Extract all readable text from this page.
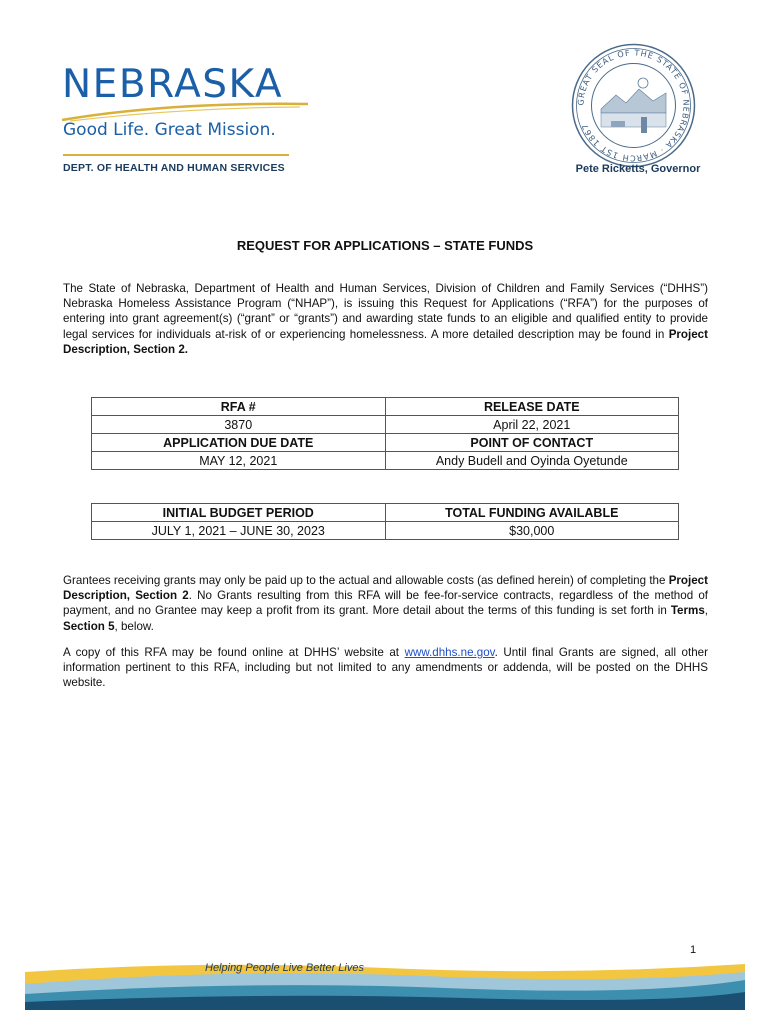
NEBRASKA
Good Life. Great Mission.
DEPT. OF HEALTH AND HUMAN SERVICES
GREAT SEAL OF THE STATE OF NEBRASKA · MARCH 1ST 1867
Pete Ricketts, Governor
REQUEST FOR APPLICATIONS – STATE FUNDS
The State of Nebraska, Department of Health and Human Services, Division of Children and Family Services (“DHHS”) Nebraska Homeless Assistance Program (“NHAP”), is issuing this Request for Applications (“RFA”) for the purposes of entering into grant agreement(s) (“grant” or “grants”) and awarding state funds to an eligible and qualified entity to provide legal services for individuals at-risk of or experiencing homelessness. A more detailed description may be found in Project Description, Section 2.
RFA #	RELEASE DATE
3870	April 22, 2021
APPLICATION DUE DATE	POINT OF CONTACT
MAY 12, 2021	Andy Budell and Oyinda Oyetunde
INITIAL BUDGET PERIOD	TOTAL FUNDING AVAILABLE
JULY 1, 2021 – JUNE 30, 2023	$30,000
Grantees receiving grants may only be paid up to the actual and allowable costs (as defined herein) of completing the Project Description, Section 2. No Grants resulting from this RFA will be fee-for-service contracts, regardless of the method of payment, and no Grantee may keep a profit from its grant. More detail about the terms of this funding is set forth in Terms, Section 5, below.
A copy of this RFA may be found online at DHHS’ website at www.dhhs.ne.gov. Until final Grants are signed, all other information pertinent to this RFA, including but not limited to any amendments or addenda, will be posted on the DHHS website.
1
Helping People Live Better Lives
